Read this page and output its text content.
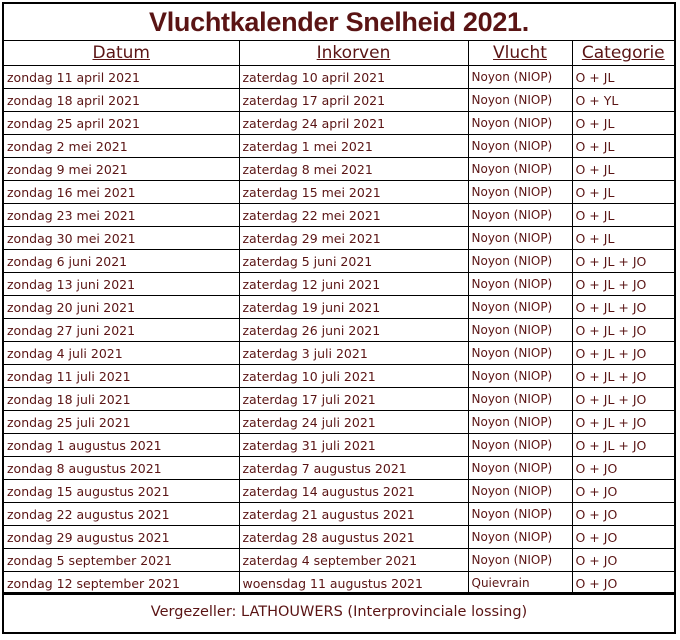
Vluchtkalender Snelheid 2021.
Datum	Inkorven	Vlucht	Categorie
zondag 11 april 2021	zaterdag 10 april 2021	Noyon (NIOP)	O + JL
zondag 18 april 2021	zaterdag 17 april 2021	Noyon (NIOP)	O + YL
zondag 25 april 2021	zaterdag 24 april 2021	Noyon (NIOP)	O + JL
zondag 2 mei 2021	zaterdag 1 mei 2021	Noyon (NIOP)	O + JL
zondag 9 mei 2021	zaterdag 8 mei 2021	Noyon (NIOP)	O + JL
zondag 16 mei 2021	zaterdag 15 mei 2021	Noyon (NIOP)	O + JL
zondag 23 mei 2021	zaterdag 22 mei 2021	Noyon (NIOP)	O + JL
zondag 30 mei 2021	zaterdag 29 mei 2021	Noyon (NIOP)	O + JL
zondag 6 juni 2021	zaterdag 5 juni 2021	Noyon (NIOP)	O + JL + JO
zondag 13 juni 2021	zaterdag 12 juni 2021	Noyon (NIOP)	O + JL + JO
zondag 20 juni 2021	zaterdag 19 juni 2021	Noyon (NIOP)	O + JL + JO
zondag 27 juni 2021	zaterdag 26 juni 2021	Noyon (NIOP)	O + JL + JO
zondag 4 juli 2021	zaterdag 3 juli 2021	Noyon (NIOP)	O + JL + JO
zondag 11 juli 2021	zaterdag 10 juli 2021	Noyon (NIOP)	O + JL + JO
zondag 18 juli 2021	zaterdag 17 juli 2021	Noyon (NIOP)	O + JL + JO
zondag 25 juli 2021	zaterdag 24 juli 2021	Noyon (NIOP)	O + JL + JO
zondag 1 augustus 2021	zaterdag 31 juli 2021	Noyon (NIOP)	O + JL + JO
zondag 8 augustus 2021	zaterdag 7 augustus 2021	Noyon (NIOP)	O + JO
zondag 15 augustus 2021	zaterdag 14 augustus 2021	Noyon (NIOP)	O + JO
zondag 22 augustus 2021	zaterdag 21 augustus 2021	Noyon (NIOP)	O + JO
zondag 29 augustus 2021	zaterdag 28 augustus 2021	Noyon (NIOP)	O + JO
zondag 5 september 2021	zaterdag 4 september 2021	Noyon (NIOP)	O + JO
zondag 12 september 2021	woensdag 11 augustus 2021	Quievrain	O + JO
Vergezeller: LATHOUWERS (Interprovinciale lossing)
